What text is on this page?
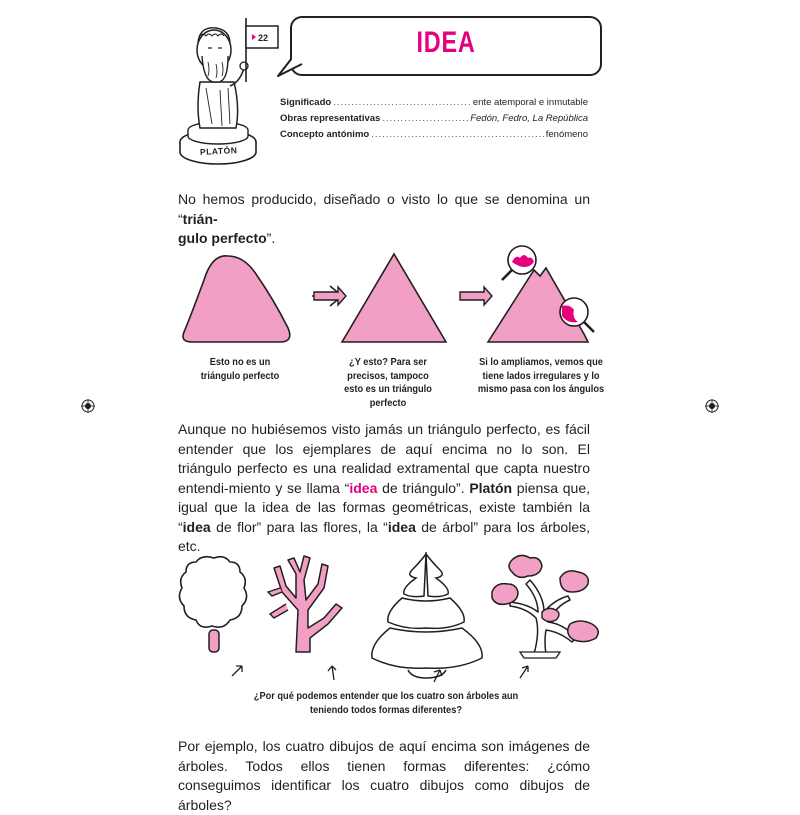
22
PLATÓN
IDEA
Significado .....	ente atemporal e inmutable
Obras representativas .....	Fedón, Fedro, La República
Concepto antónimo .....	fenómeno
No hemos producido, diseñado o visto lo que se denomina un “trián-
gulo perfecto”.
Esto no es un triángulo perfecto
¿Y esto? Para ser precisos, tampoco esto es un triángulo perfecto
Si lo ampliamos, vemos que tiene lados irregulares y lo mismo pasa con los ángulos
Aunque no hubiésemos visto jamás un triángulo perfecto, es fácil entender que los ejemplares de aquí encima no lo son. El triángulo perfecto es una realidad extramental que capta nuestro entendi-miento y se llama “idea de triángulo”. Platón piensa que, igual que la idea de las formas geométricas, existe también la “idea de flor” para las flores, la “idea de árbol” para los árboles, etc.
¿Por qué podemos entender que los cuatro son árboles aun teniendo todos formas diferentes?
Por ejemplo, los cuatro dibujos de aquí encima son imágenes de árboles. Todos ellos tienen formas diferentes: ¿cómo conseguimos identificar los cuatro dibujos como dibujos de árboles?
